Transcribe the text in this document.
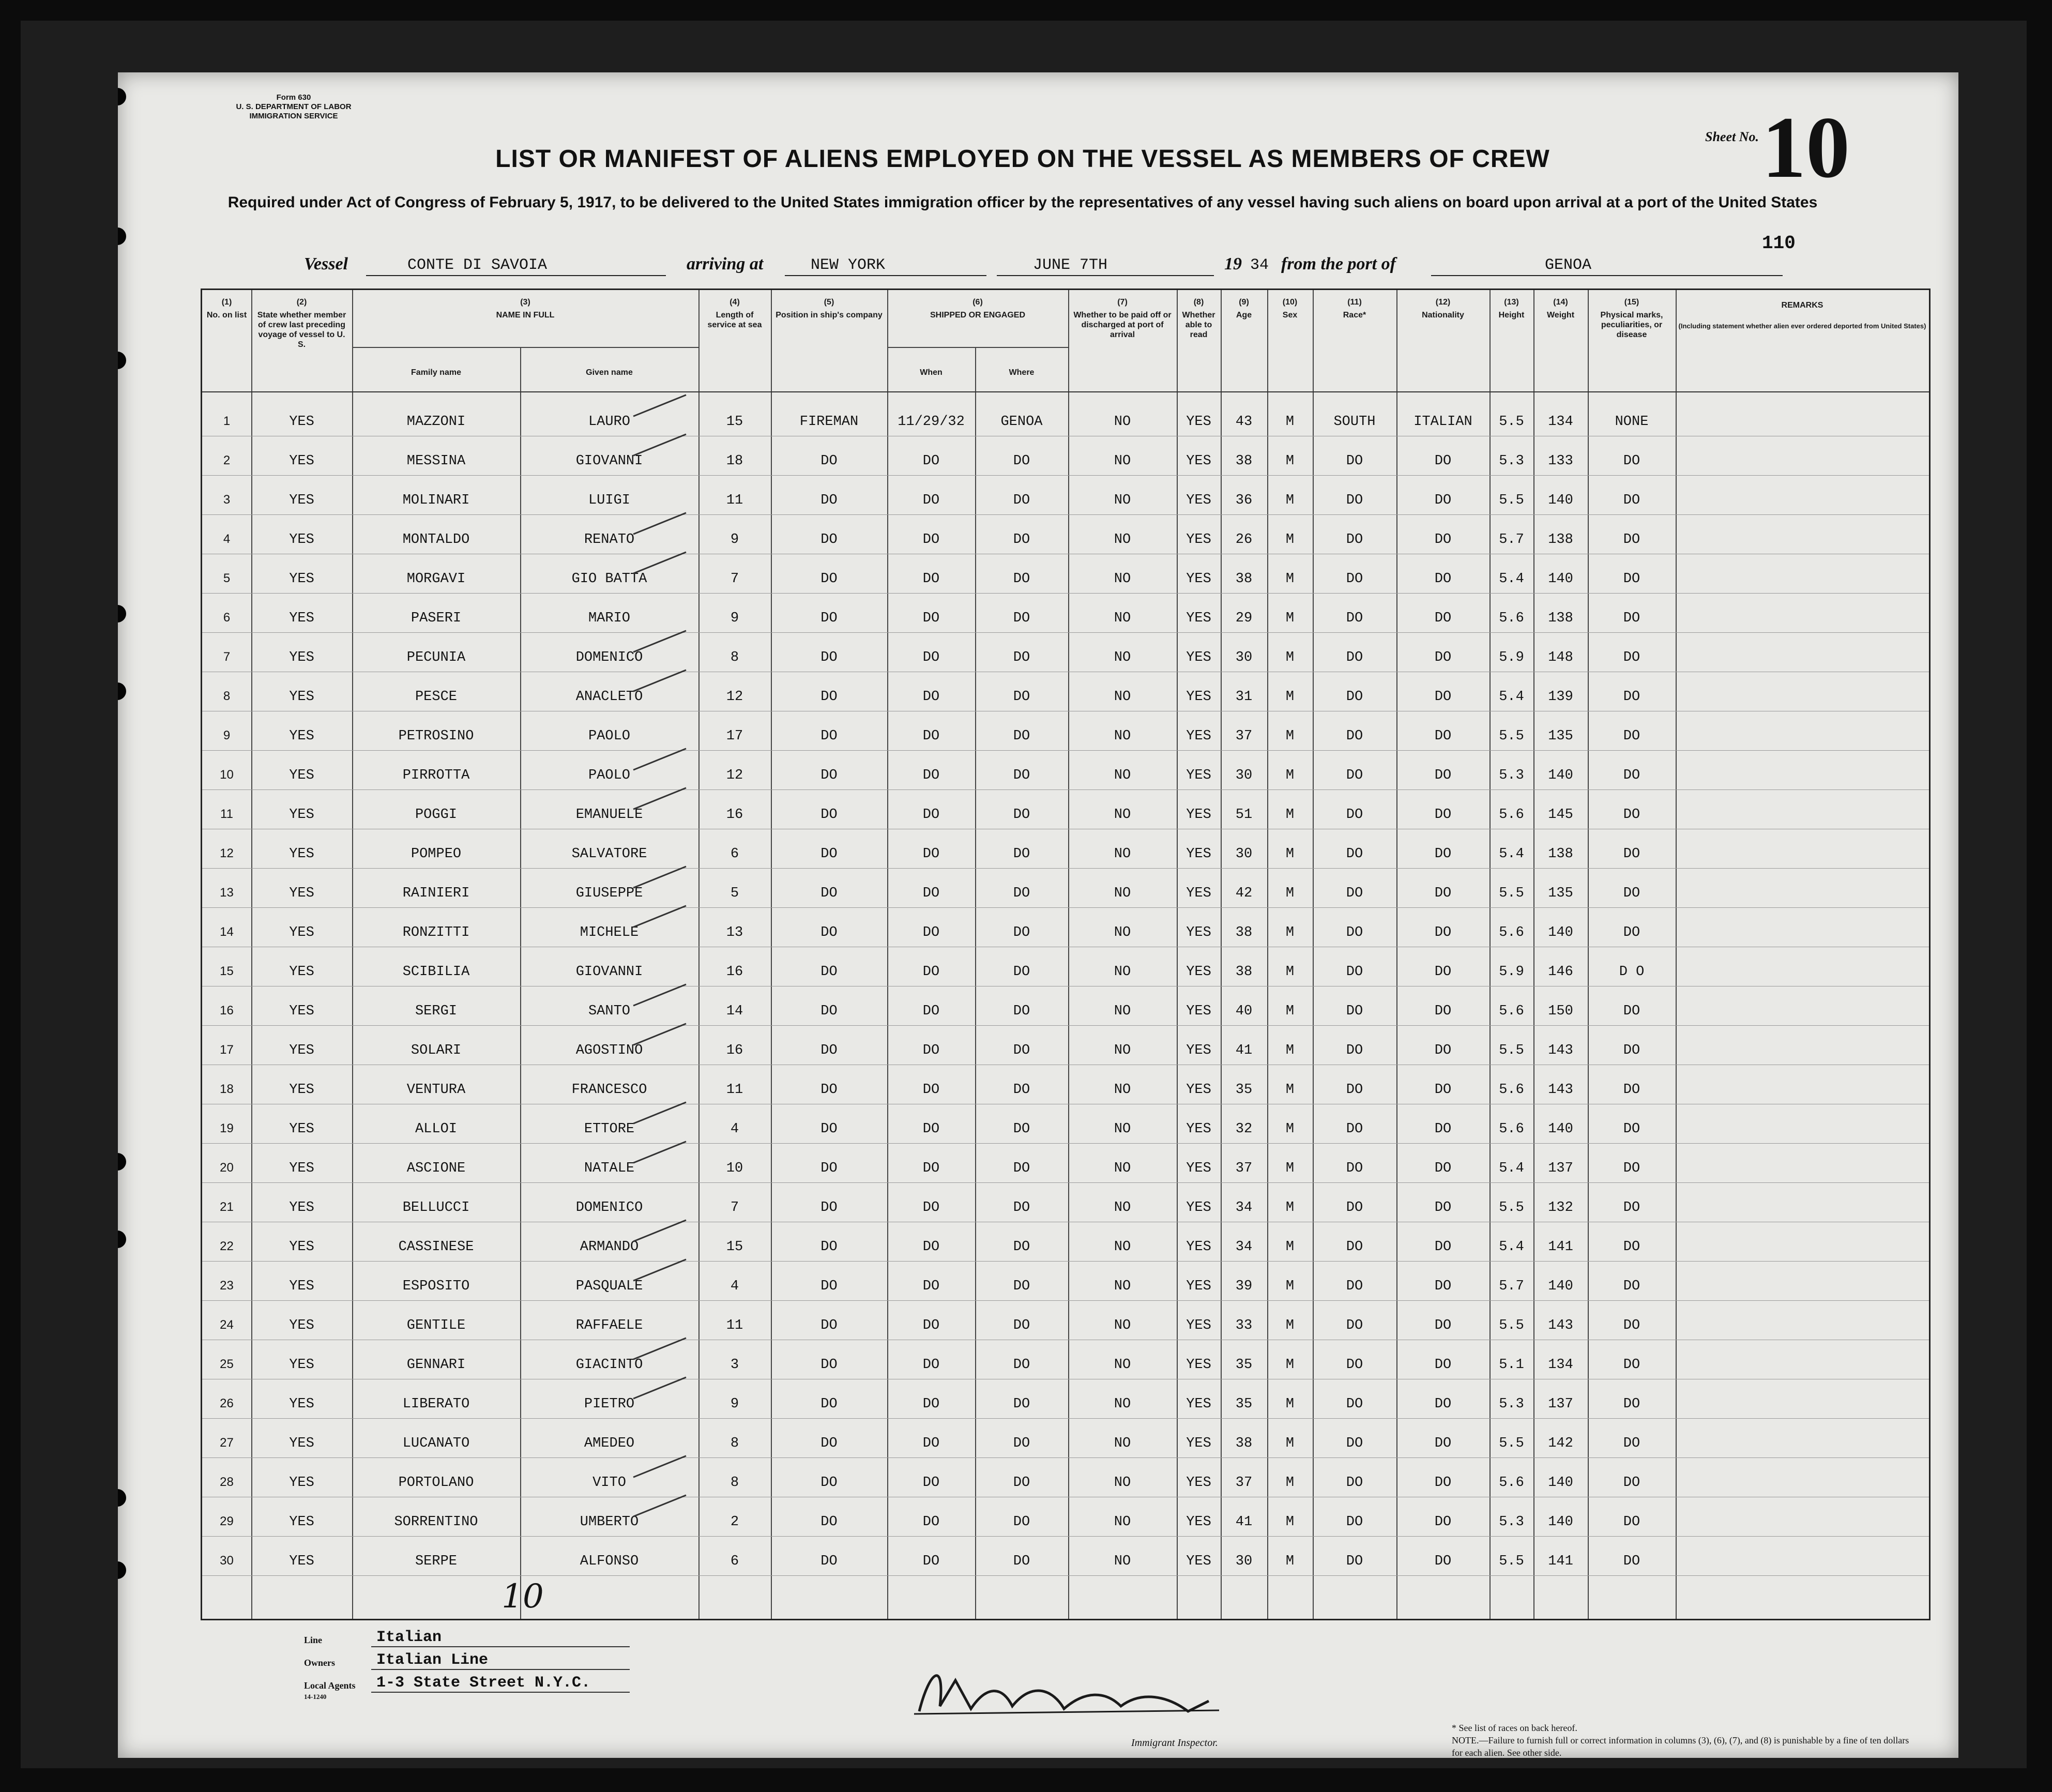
Form 630
U. S. DEPARTMENT OF LABOR
IMMIGRATION SERVICE
Sheet No. 10
110
LIST OR MANIFEST OF ALIENS EMPLOYED ON THE VESSEL AS MEMBERS OF CREW
Required under Act of Congress of February 5, 1917, to be delivered to the United States immigration officer by the representatives of any vessel having such aliens on board upon arrival at a port of the United States
Vessel	CONTE DI SAVOIA	arriving at	NEW YORK	JUNE 7TH	19 34 from the port of	GENOA
(1)
No. on list
(2)
State whether member of crew last preceding voyage of vessel to U. S.
(3)
NAME IN FULL
Family name	Given name
(4)
Length of service at sea
(5)
Position in ship's company
(6)
SHIPPED OR ENGAGED
When	Where
(7)
Whether to be paid off or discharged at port of arrival
(8)
Whether able to read
(9)
Age
(10)
Sex
(11)
Race*
(12)
Nationality
(13)
Height
(14)
Weight
(15)
Physical marks, peculiarities, or disease
REMARKS
(Including statement whether alien ever ordered deported from United States)
1	YES	MAZZONI	LAURO	15	FIREMAN	11/29/32	GENOA	NO	YES	43	M	SOUTH	ITALIAN	5.5	134	NONE
2	YES	MESSINA	GIOVANNI	18	DO	DO	DO	NO	YES	38	M	DO	DO	5.3	133	DO
3	YES	MOLINARI	LUIGI	11	DO	DO	DO	NO	YES	36	M	DO	DO	5.5	140	DO
4	YES	MONTALDO	RENATO	9	DO	DO	DO	NO	YES	26	M	DO	DO	5.7	138	DO
5	YES	MORGAVI	GIO BATTA	7	DO	DO	DO	NO	YES	38	M	DO	DO	5.4	140	DO
6	YES	PASERI	MARIO	9	DO	DO	DO	NO	YES	29	M	DO	DO	5.6	138	DO
7	YES	PECUNIA	DOMENICO	8	DO	DO	DO	NO	YES	30	M	DO	DO	5.9	148	DO
8	YES	PESCE	ANACLETO	12	DO	DO	DO	NO	YES	31	M	DO	DO	5.4	139	DO
9	YES	PETROSINO	PAOLO	17	DO	DO	DO	NO	YES	37	M	DO	DO	5.5	135	DO
10	YES	PIRROTTA	PAOLO	12	DO	DO	DO	NO	YES	30	M	DO	DO	5.3	140	DO
11	YES	POGGI	EMANUELE	16	DO	DO	DO	NO	YES	51	M	DO	DO	5.6	145	DO
12	YES	POMPEO	SALVATORE	6	DO	DO	DO	NO	YES	30	M	DO	DO	5.4	138	DO
13	YES	RAINIERI	GIUSEPPE	5	DO	DO	DO	NO	YES	42	M	DO	DO	5.5	135	DO
14	YES	RONZITTI	MICHELE	13	DO	DO	DO	NO	YES	38	M	DO	DO	5.6	140	DO
15	YES	SCIBILIA	GIOVANNI	16	DO	DO	DO	NO	YES	38	M	DO	DO	5.9	146	D O
16	YES	SERGI	SANTO	14	DO	DO	DO	NO	YES	40	M	DO	DO	5.6	150	DO
17	YES	SOLARI	AGOSTINO	16	DO	DO	DO	NO	YES	41	M	DO	DO	5.5	143	DO
18	YES	VENTURA	FRANCESCO	11	DO	DO	DO	NO	YES	35	M	DO	DO	5.6	143	DO
19	YES	ALLOI	ETTORE	4	DO	DO	DO	NO	YES	32	M	DO	DO	5.6	140	DO
20	YES	ASCIONE	NATALE	10	DO	DO	DO	NO	YES	37	M	DO	DO	5.4	137	DO
21	YES	BELLUCCI	DOMENICO	7	DO	DO	DO	NO	YES	34	M	DO	DO	5.5	132	DO
22	YES	CASSINESE	ARMANDO	15	DO	DO	DO	NO	YES	34	M	DO	DO	5.4	141	DO
23	YES	ESPOSITO	PASQUALE	4	DO	DO	DO	NO	YES	39	M	DO	DO	5.7	140	DO
24	YES	GENTILE	RAFFAELE	11	DO	DO	DO	NO	YES	33	M	DO	DO	5.5	143	DO
25	YES	GENNARI	GIACINTO	3	DO	DO	DO	NO	YES	35	M	DO	DO	5.1	134	DO
26	YES	LIBERATO	PIETRO	9	DO	DO	DO	NO	YES	35	M	DO	DO	5.3	137	DO
27	YES	LUCANATO	AMEDEO	8	DO	DO	DO	NO	YES	38	M	DO	DO	5.5	142	DO
28	YES	PORTOLANO	VITO	8	DO	DO	DO	NO	YES	37	M	DO	DO	5.6	140	DO
29	YES	SORRENTINO	UMBERTO	2	DO	DO	DO	NO	YES	41	M	DO	DO	5.3	140	DO
30	YES	SERPE	ALFONSO	6	DO	DO	DO	NO	YES	30	M	DO	DO	5.5	141	DO
10
Line	Italian
Owners	Italian Line
Local Agents 1-3 State Street N.Y.C.
14-1240
Immigrant Inspector.
* See list of races on back hereof.
NOTE.—Failure to furnish full or correct information in columns (3), (6), (7), and (8) is punishable by a fine of ten dollars for each alien. See other side.
